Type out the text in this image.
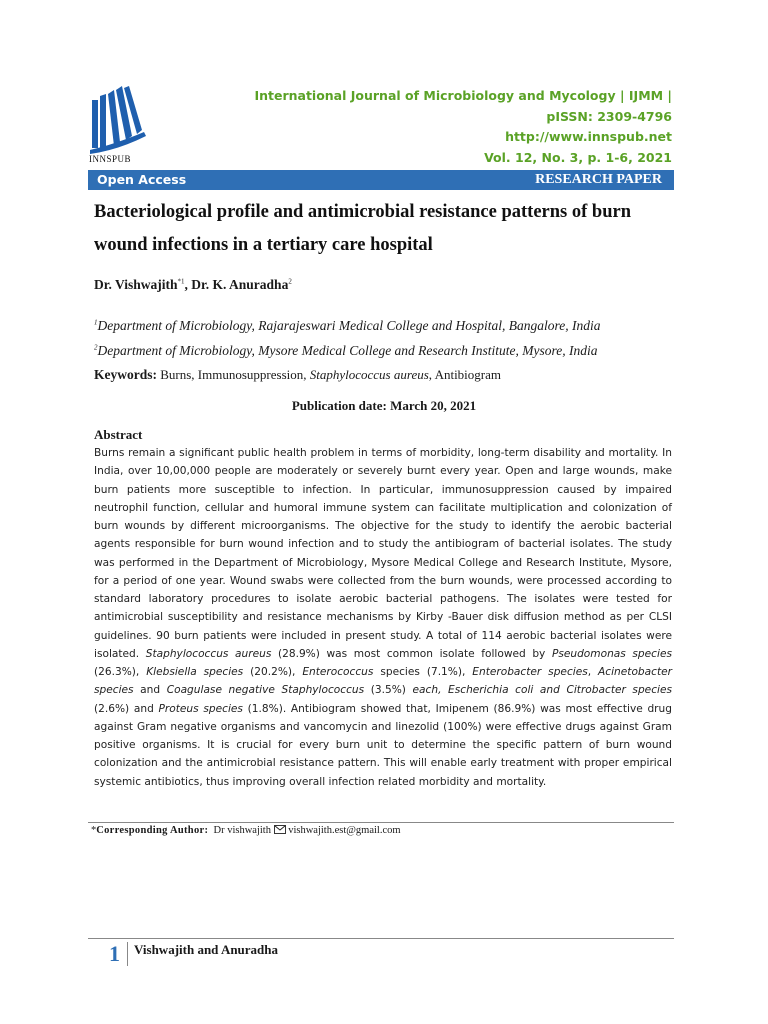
INNSPUB
International Journal of Microbiology and Mycology | IJMM |
pISSN: 2309-4796
http://www.innspub.net
Vol. 12, No. 3, p. 1-6, 2021
Open Access	RESEARCH PAPER
Bacteriological profile and antimicrobial resistance patterns of burn wound infections in a tertiary care hospital
Dr. Vishwajith$^{*1}$, Dr. K. Anuradha$^2$
$^1$Department of Microbiology, Rajarajeswari Medical College and Hospital, Bangalore, India
$^2$Department of Microbiology, Mysore Medical College and Research Institute, Mysore, India
Keywords: Burns, Immunosuppression, Staphylococcus aureus, Antibiogram
Publication date: March 20, 2021
Abstract
Burns remain a significant public health problem in terms of morbidity, long-term disability and mortality. In India, over 10,00,000 people are moderately or severely burnt every year. Open and large wounds, make burn patients more susceptible to infection. In particular, immunosuppression caused by impaired neutrophil function, cellular and humoral immune system can facilitate multiplication and colonization of burn wounds by different microorganisms. The objective for the study to identify the aerobic bacterial agents responsible for burn wound infection and to study the antibiogram of bacterial isolates. The study was performed in the Department of Microbiology, Mysore Medical College and Research Institute, Mysore, for a period of one year. Wound swabs were collected from the burn wounds, were processed according to standard laboratory procedures to isolate aerobic bacterial pathogens. The isolates were tested for antimicrobial susceptibility and resistance mechanisms by Kirby -Bauer disk diffusion method as per CLSI guidelines. 90 burn patients were included in present study. A total of 114 aerobic bacterial isolates were isolated. Staphylococcus aureus (28.9%) was most common isolate followed by Pseudomonas species (26.3%), Klebsiella species (20.2%), Enterococcus species (7.1%), Enterobacter species, Acinetobacter species and Coagulase negative Staphylococcus (3.5%) each, Escherichia coli and Citrobacter species (2.6%) and Proteus species (1.8%). Antibiogram showed that, Imipenem (86.9%) was most effective drug against Gram negative organisms and vancomycin and linezolid (100%) were effective drugs against Gram positive organisms. It is crucial for every burn unit to determine the specific pattern of burn wound colonization and the antimicrobial resistance pattern. This will enable early treatment with proper empirical systemic antibiotics, thus improving overall infection related morbidity and mortality.
*Corresponding Author: Dr vishwajith vishwajith.est@gmail.com
1 Vishwajith and Anuradha
